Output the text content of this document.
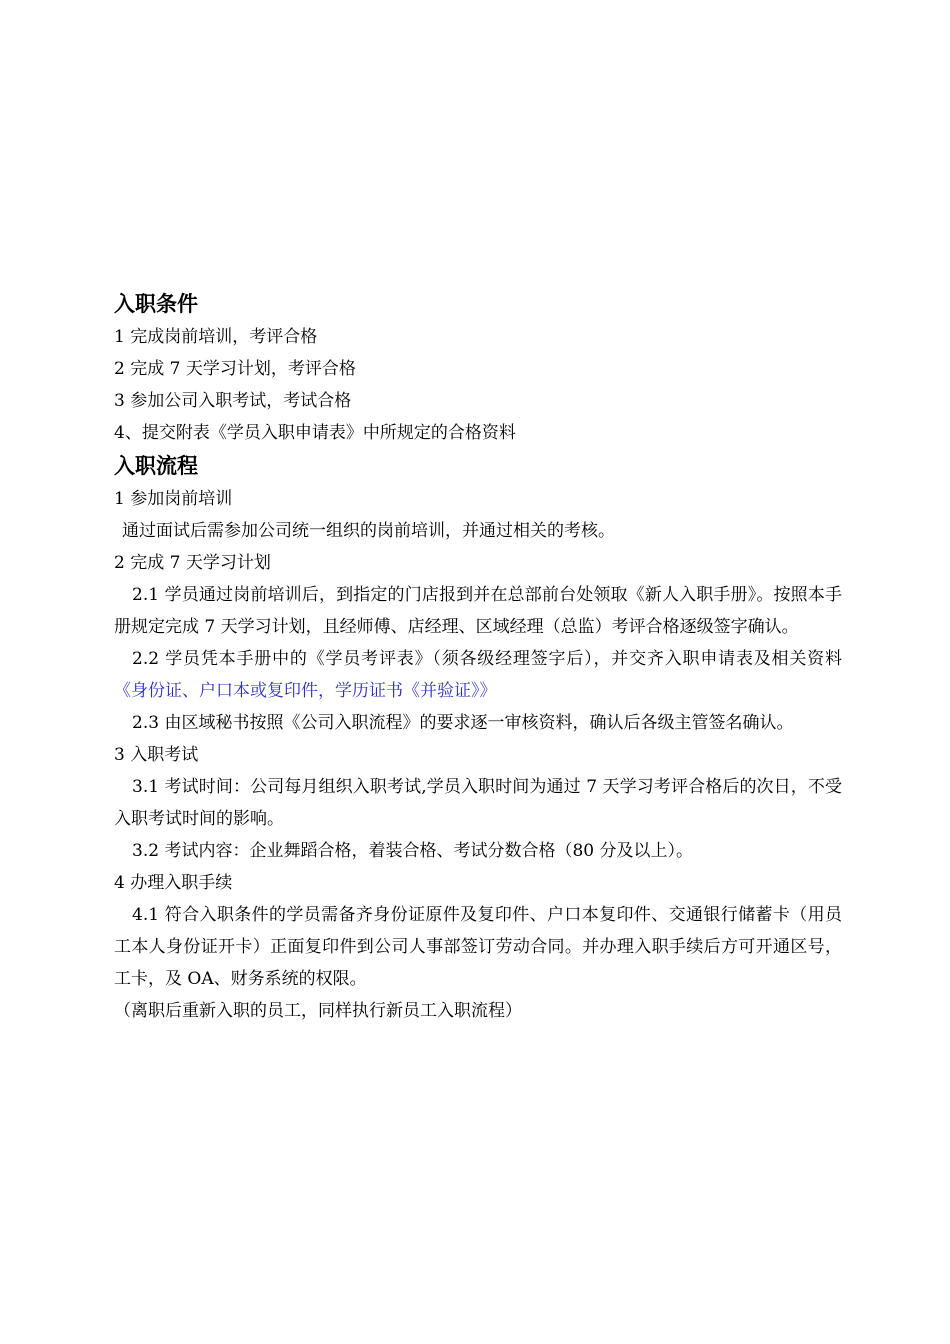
入职条件

1 完成岗前培训，考评合格

2 完成 7 天学习计划，考评合格

3 参加公司入职考试，考试合格

4、提交附表《学员入职申请表》中所规定的合格资料

入职流程

1 参加岗前培训

通过面试后需参加公司统一组织的岗前培训，并通过相关的考核。

2 完成 7 天学习计划

2.1 学员通过岗前培训后，到指定的门店报到并在总部前台处领取《新人入职手册》。按照本手册规定完成 7 天学习计划，且经师傅、店经理、区域经理（总监）考评合格逐级签字确认。

2.2 学员凭本手册中的《学员考评表》（须各级经理签字后），并交齐入职申请表及相关资料《身份证、户口本或复印件，学历证书《并验证》》

2.3 由区域秘书按照《公司入职流程》的要求逐一审核资料，确认后各级主管签名确认。

3 入职考试

3.1 考试时间：公司每月组织入职考试,学员入职时间为通过 7 天学习考评合格后的次日，不受入职考试时间的影响。

3.2 考试内容：企业舞蹈合格，着装合格、考试分数合格（80 分及以上）。

4 办理入职手续

4.1 符合入职条件的学员需备齐身份证原件及复印件、户口本复印件、交通银行储蓄卡（用员工本人身份证开卡）正面复印件到公司人事部签订劳动合同。并办理入职手续后方可开通区号，工卡，及 OA、财务系统的权限。

（离职后重新入职的员工，同样执行新员工入职流程）
